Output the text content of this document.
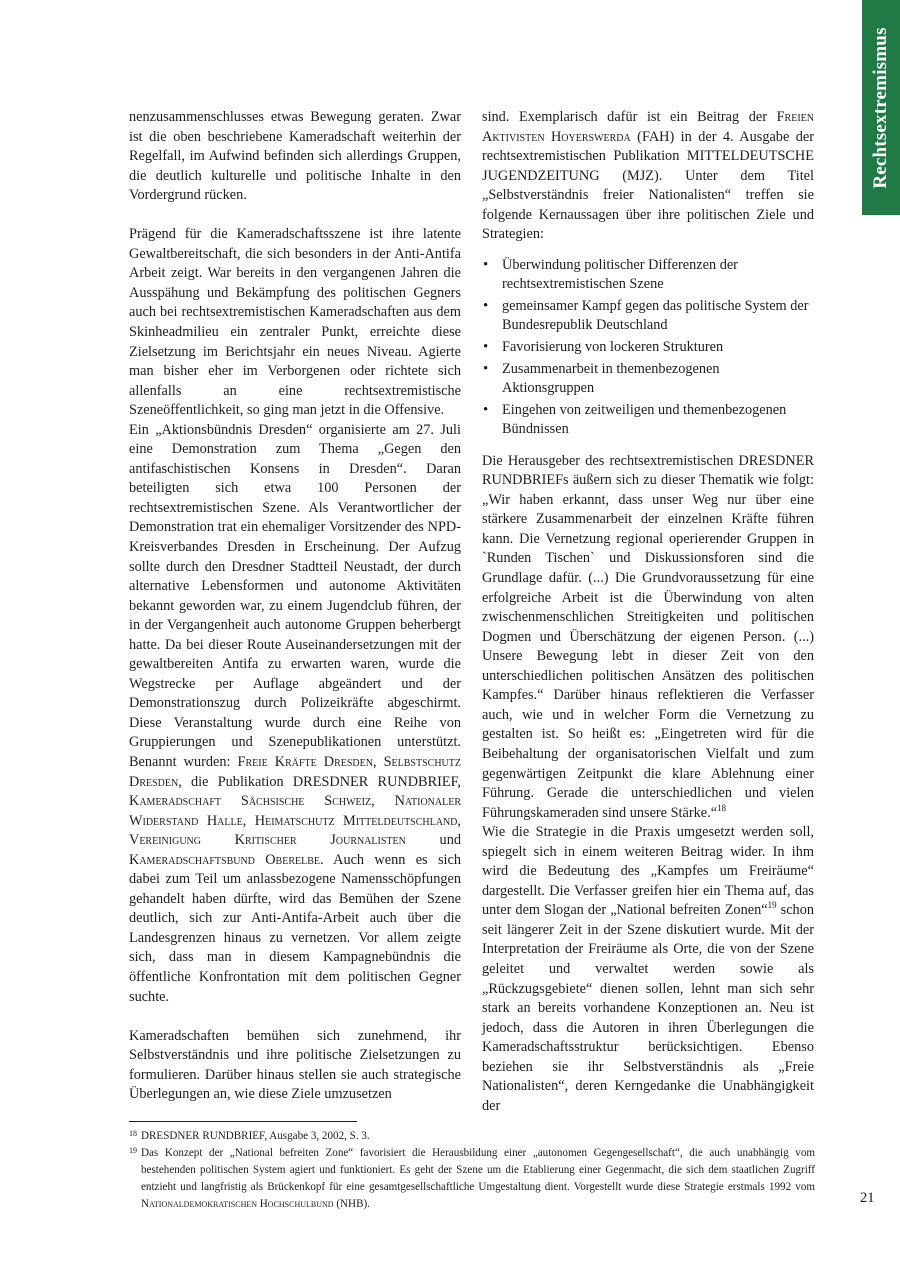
Rechtsextremismus

nenzusammenschlusses etwas Bewegung geraten. Zwar ist die oben beschriebene Kameradschaft weiterhin der Regelfall, im Aufwind befinden sich allerdings Gruppen, die deutlich kulturelle und politische Inhalte in den Vordergrund rücken.

Prägend für die Kameradschaftsszene ist ihre latente Gewaltbereitschaft, die sich besonders in der Anti-Antifa Arbeit zeigt. War bereits in den vergangenen Jahren die Ausspähung und Bekämpfung des politischen Gegners auch bei rechtsextremistischen Kameradschaften aus dem Skinheadmilieu ein zentraler Punkt, erreichte diese Zielsetzung im Berichtsjahr ein neues Niveau. Agierte man bisher eher im Verborgenen oder richtete sich allenfalls an eine rechtsextremistische Szeneöffentlichkeit, so ging man jetzt in die Offensive.

Ein „Aktionsbündnis Dresden“ organisierte am 27. Juli eine Demonstration zum Thema „Gegen den antifaschistischen Konsens in Dresden“. Daran beteiligten sich etwa 100 Personen der rechtsextremistischen Szene. Als Verantwortlicher der Demonstration trat ein ehemaliger Vorsitzender des NPD-Kreisverbandes Dresden in Erscheinung. Der Aufzug sollte durch den Dresdner Stadtteil Neustadt, der durch alternative Lebensformen und autonome Aktivitäten bekannt geworden war, zu einem Jugendclub führen, der in der Vergangenheit auch autonome Gruppen beherbergt hatte. Da bei dieser Route Auseinandersetzungen mit der gewaltbereiten Antifa zu erwarten waren, wurde die Wegstrecke per Auflage abgeändert und der Demonstrationszug durch Polizeikräfte abgeschirmt. Diese Veranstaltung wurde durch eine Reihe von Gruppierungen und Szenepublikationen unterstützt. Benannt wurden: Freie Kräfte Dresden, Selbstschutz Dresden, die Publikation DRESDNER RUNDBRIEF, Kameradschaft Sächsische Schweiz, Nationaler Widerstand Halle, Heimatschutz Mitteldeutschland, Vereinigung Kritischer Journalisten und Kameradschaftsbund Oberelbe. Auch wenn es sich dabei zum Teil um anlassbezogene Namensschöpfungen gehandelt haben dürfte, wird das Bemühen der Szene deutlich, sich zur Anti-Antifa-Arbeit auch über die Landesgrenzen hinaus zu vernetzen. Vor allem zeigte sich, dass man in diesem Kampagnebündnis die öffentliche Konfrontation mit dem politischen Gegner suchte.

Kameradschaften bemühen sich zunehmend, ihr Selbstverständnis und ihre politische Zielsetzungen zu formulieren. Darüber hinaus stellen sie auch strategische Überlegungen an, wie diese Ziele umzusetzen

sind. Exemplarisch dafür ist ein Beitrag der Freien Aktivisten Hoyerswerda (FAH) in der 4. Ausgabe der rechtsextremistischen Publikation MITTELDEUTSCHE JUGENDZEITUNG (MJZ). Unter dem Titel „Selbstverständnis freier Nationalisten“ treffen sie folgende Kernaussagen über ihre politischen Ziele und Strategien:

• Überwindung politischer Differenzen der rechtsextremistischen Szene
• gemeinsamer Kampf gegen das politische System der Bundesrepublik Deutschland
• Favorisierung von lockeren Strukturen
• Zusammenarbeit in themenbezogenen Aktionsgruppen
• Eingehen von zeitweiligen und themenbezogenen Bündnissen

Die Herausgeber des rechtsextremistischen DRESDNER RUNDBRIEFs äußern sich zu dieser Thematik wie folgt: „Wir haben erkannt, dass unser Weg nur über eine stärkere Zusammenarbeit der einzelnen Kräfte führen kann. Die Vernetzung regional operierender Gruppen in `Runden Tischen` und Diskussionsforen sind die Grundlage dafür. (...) Die Grundvoraussetzung für eine erfolgreiche Arbeit ist die Überwindung von alten zwischenmenschlichen Streitigkeiten und politischen Dogmen und Überschätzung der eigenen Person. (...) Unsere Bewegung lebt in dieser Zeit von den unterschiedlichen politischen Ansätzen des politischen Kampfes.“ Darüber hinaus reflektieren die Verfasser auch, wie und in welcher Form die Vernetzung zu gestalten ist. So heißt es: „Eingetreten wird für die Beibehaltung der organisatorischen Vielfalt und zum gegenwärtigen Zeitpunkt die klare Ablehnung einer Führung. Gerade die unterschiedlichen und vielen Führungskameraden sind unsere Stärke.“$^{18}$

Wie die Strategie in die Praxis umgesetzt werden soll, spiegelt sich in einem weiteren Beitrag wider. In ihm wird die Bedeutung des „Kampfes um Freiräume“ dargestellt. Die Verfasser greifen hier ein Thema auf, das unter dem Slogan der „National befreiten Zonen“$^{19}$ schon seit längerer Zeit in der Szene diskutiert wurde. Mit der Interpretation der Freiräume als Orte, die von der Szene geleitet und verwaltet werden sowie als „Rückzugsgebiete“ dienen sollen, lehnt man sich sehr stark an bereits vorhandene Konzeptionen an. Neu ist jedoch, dass die Autoren in ihren Überlegungen die Kameradschaftsstruktur berücksichtigen. Ebenso beziehen sie ihr Selbstverständnis als „Freie Nationalisten“, deren Kerngedanke die Unabhängigkeit der

18 DRESDNER RUNDBRIEF, Ausgabe 3, 2002, S. 3.
19 Das Konzept der „National befreiten Zone“ favorisiert die Herausbildung einer „autonomen Gegengesellschaft“, die auch unabhängig vom bestehenden politischen System agiert und funktioniert. Es geht der Szene um die Etablierung einer Gegenmacht, die sich dem staatlichen Zugriff entzieht und langfristig als Brückenkopf für eine gesamtgesellschaftliche Umgestaltung dient. Vorgestellt wurde diese Strategie erstmals 1992 vom Nationaldemokratischen Hochschulbund (NHB).	21
